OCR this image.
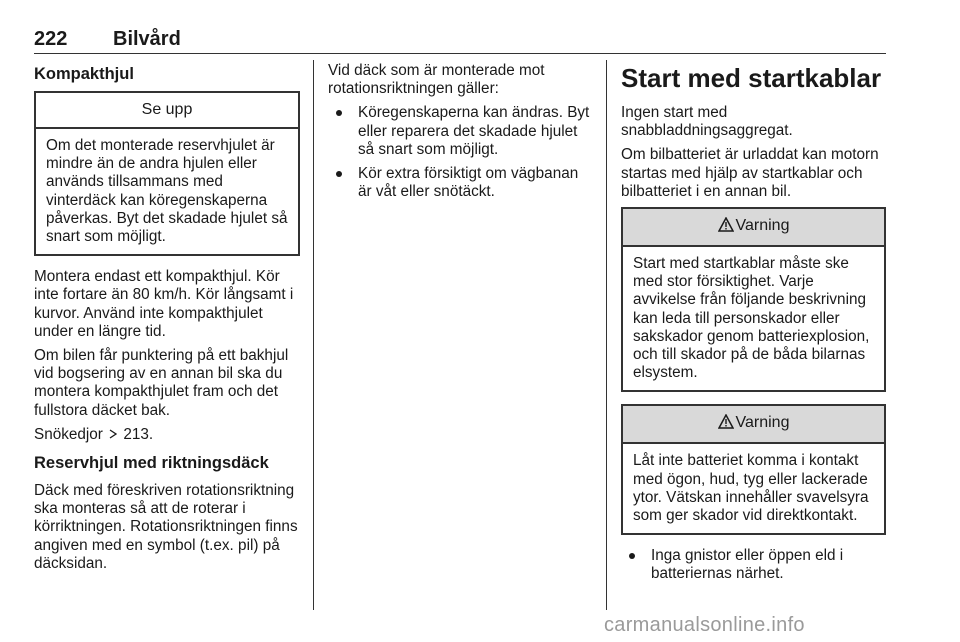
222 Bilvård
Kompakthjul
Se upp
Om det monterade reservhjulet är mindre än de andra hjulen eller används tillsammans med vinterdäck kan köregenskaperna påverkas. Byt det skadade hjulet så snart som möjligt.

Montera endast ett kompakthjul. Kör inte fortare än 80 km/h. Kör långsamt i kurvor. Använd inte kompakthjulet under en längre tid.

Om bilen får punktering på ett bakhjul vid bogsering av en annan bil ska du montera kompakthjulet fram och det fullstora däcket bak.

Snökedjor 213.

Reservhjul med riktningsdäck

Däck med föreskriven rotationsriktning ska monteras så att de roterar i körriktningen. Rotationsriktningen finns angiven med en symbol (t.ex. pil) på däcksidan.

Vid däck som är monterade mot rotationsriktningen gäller:

Köregenskaperna kan ändras. Byt eller reparera det skadade hjulet så snart som möjligt.
Kör extra försiktigt om vägbanan är våt eller snötäckt.
Start med startkablar

Ingen start med snabbladdningsaggregat.

Om bilbatteriet är urladdat kan motorn startas med hjälp av startkablar och bilbatteriet i en annan bil.

Varning
Start med startkablar måste ske med stor försiktighet. Varje avvikelse från följande beskrivning kan leda till personskador eller sakskador genom batteriexplosion, och till skador på de båda bilarnas elsystem.
Varning
Låt inte batteriet komma i kontakt med ögon, hud, tyg eller lackerade ytor. Vätskan innehåller svavelsyra som ger skador vid direktkontakt.
Inga gnistor eller öppen eld i batteriernas närhet.
carmanualsonline.info
